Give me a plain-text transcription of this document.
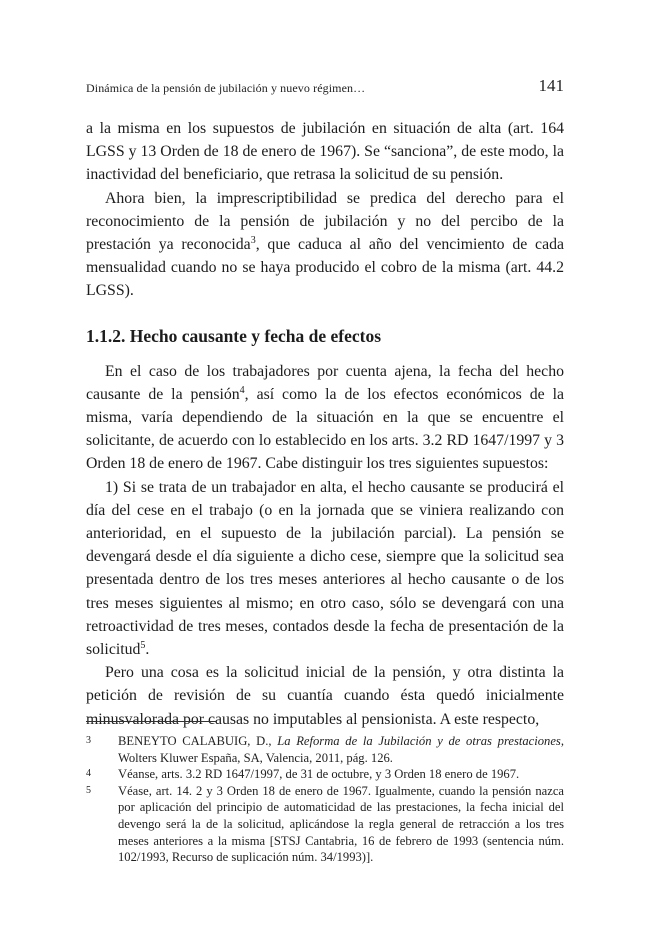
Dinámica de la pensión de jubilación y nuevo régimen…	141

a la misma en los supuestos de jubilación en situación de alta (art. 164 LGSS y 13 Orden de 18 de enero de 1967). Se “sanciona”, de este modo, la inactividad del beneficiario, que retrasa la solicitud de su pensión.

Ahora bien, la imprescriptibilidad se predica del derecho para el reconocimiento de la pensión de jubilación y no del percibo de la prestación ya reconocida$^3$, que caduca al año del vencimiento de cada mensualidad cuando no se haya producido el cobro de la misma (art. 44.2 LGSS).

1.1.2. Hecho causante y fecha de efectos

En el caso de los trabajadores por cuenta ajena, la fecha del hecho causante de la pensión$^4$, así como la de los efectos económicos de la misma, varía dependiendo de la situación en la que se encuentre el solicitante, de acuerdo con lo establecido en los arts. 3.2 RD 1647/1997 y 3 Orden 18 de enero de 1967. Cabe distinguir los tres siguientes supuestos:

1) Si se trata de un trabajador en alta, el hecho causante se producirá el día del cese en el trabajo (o en la jornada que se viniera realizando con anterioridad, en el supuesto de la jubilación parcial). La pensión se devengará desde el día siguiente a dicho cese, siempre que la solicitud sea presentada dentro de los tres meses anteriores al hecho causante o de los tres meses siguientes al mismo; en otro caso, sólo se devengará con una retroactividad de tres meses, contados desde la fecha de presentación de la solicitud$^5$.

Pero una cosa es la solicitud inicial de la pensión, y otra distinta la petición de revisión de su cuantía cuando ésta quedó inicialmente minusvalorada por causas no imputables al pensionista. A este respecto,

3	BENEYTO CALABUIG, D., La Reforma de la Jubilación y de otras prestaciones, Wolters Kluwer España, SA, Valencia, 2011, pág. 126.
4	Véanse, arts. 3.2 RD 1647/1997, de 31 de octubre, y 3 Orden 18 enero de 1967.
5	Véase, art. 14. 2 y 3 Orden 18 de enero de 1967. Igualmente, cuando la pensión nazca por aplicación del principio de automaticidad de las prestaciones, la fecha inicial del devengo será la de la solicitud, aplicándose la regla general de retracción a los tres meses anteriores a la misma [STSJ Cantabria, 16 de febrero de 1993 (sentencia núm. 102/1993, Recurso de suplicación núm. 34/1993)].
